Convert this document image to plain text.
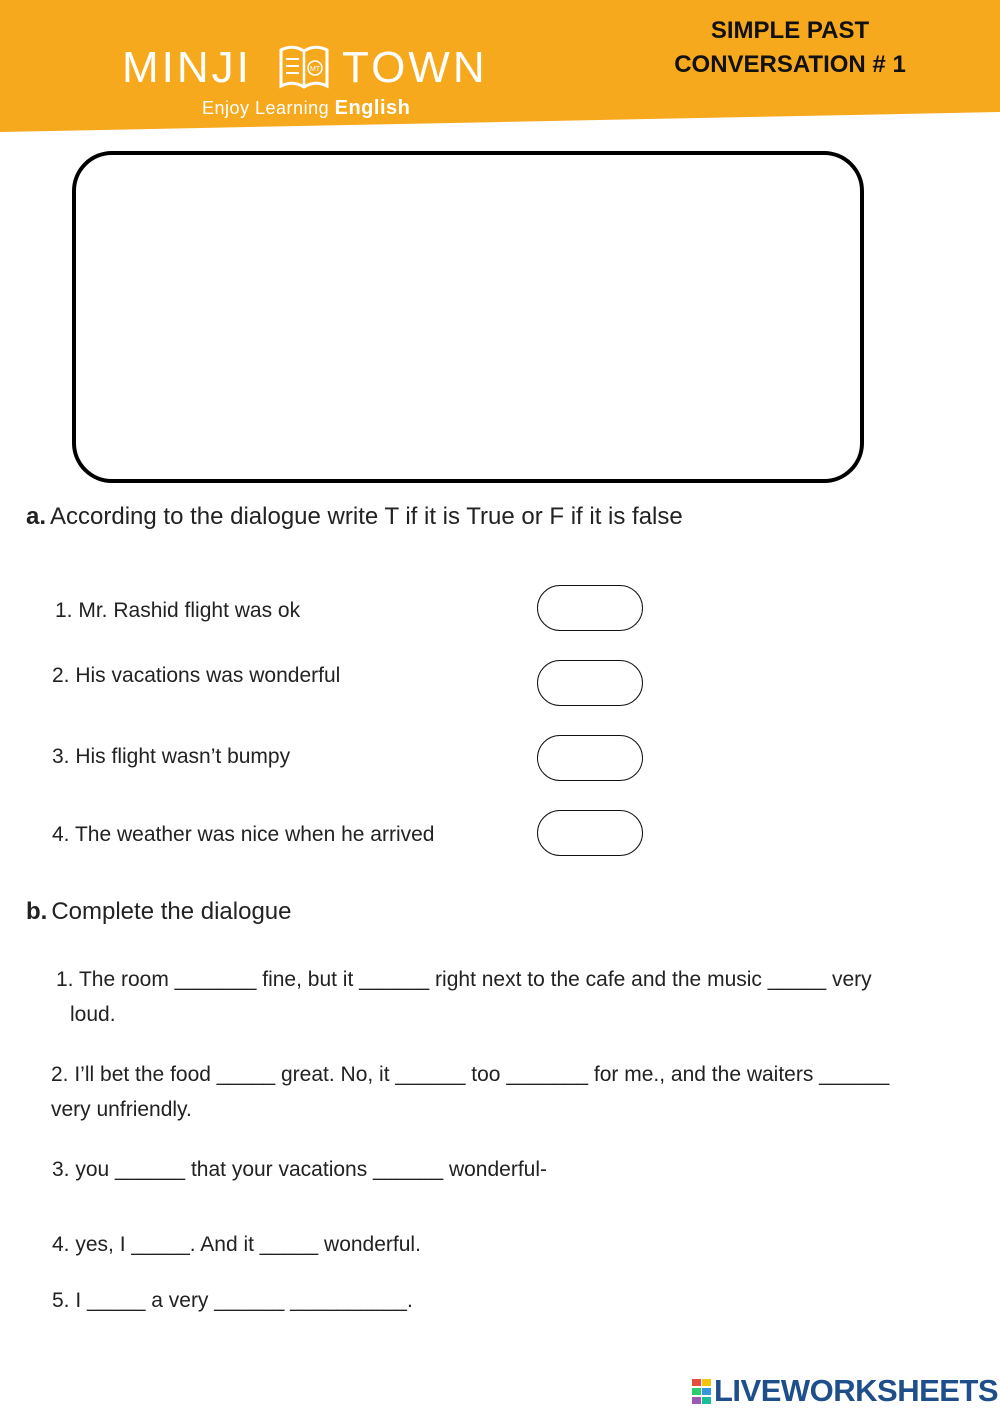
MINJI	MT TOWN
Enjoy Learning English
SIMPLE PAST
CONVERSATION # 1
a. According to the dialogue write T if it is True or F if it is false
1. Mr. Rashid flight was ok
2. His vacations was wonderful
3. His flight wasn’t bumpy
4. The weather was nice when he arrived
b. Complete the dialogue
1. The room _______ fine, but it ______ right next to the cafe and the music _____ very
loud.
2. I’ll bet the food _____ great. No, it ______ too _______ for me., and the waiters ______
very unfriendly.
3. you ______ that your vacations ______ wonderful-
4. yes, I _____. And it _____ wonderful.
5. I _____ a very ______ __________.
LIVEWORKSHEETS
